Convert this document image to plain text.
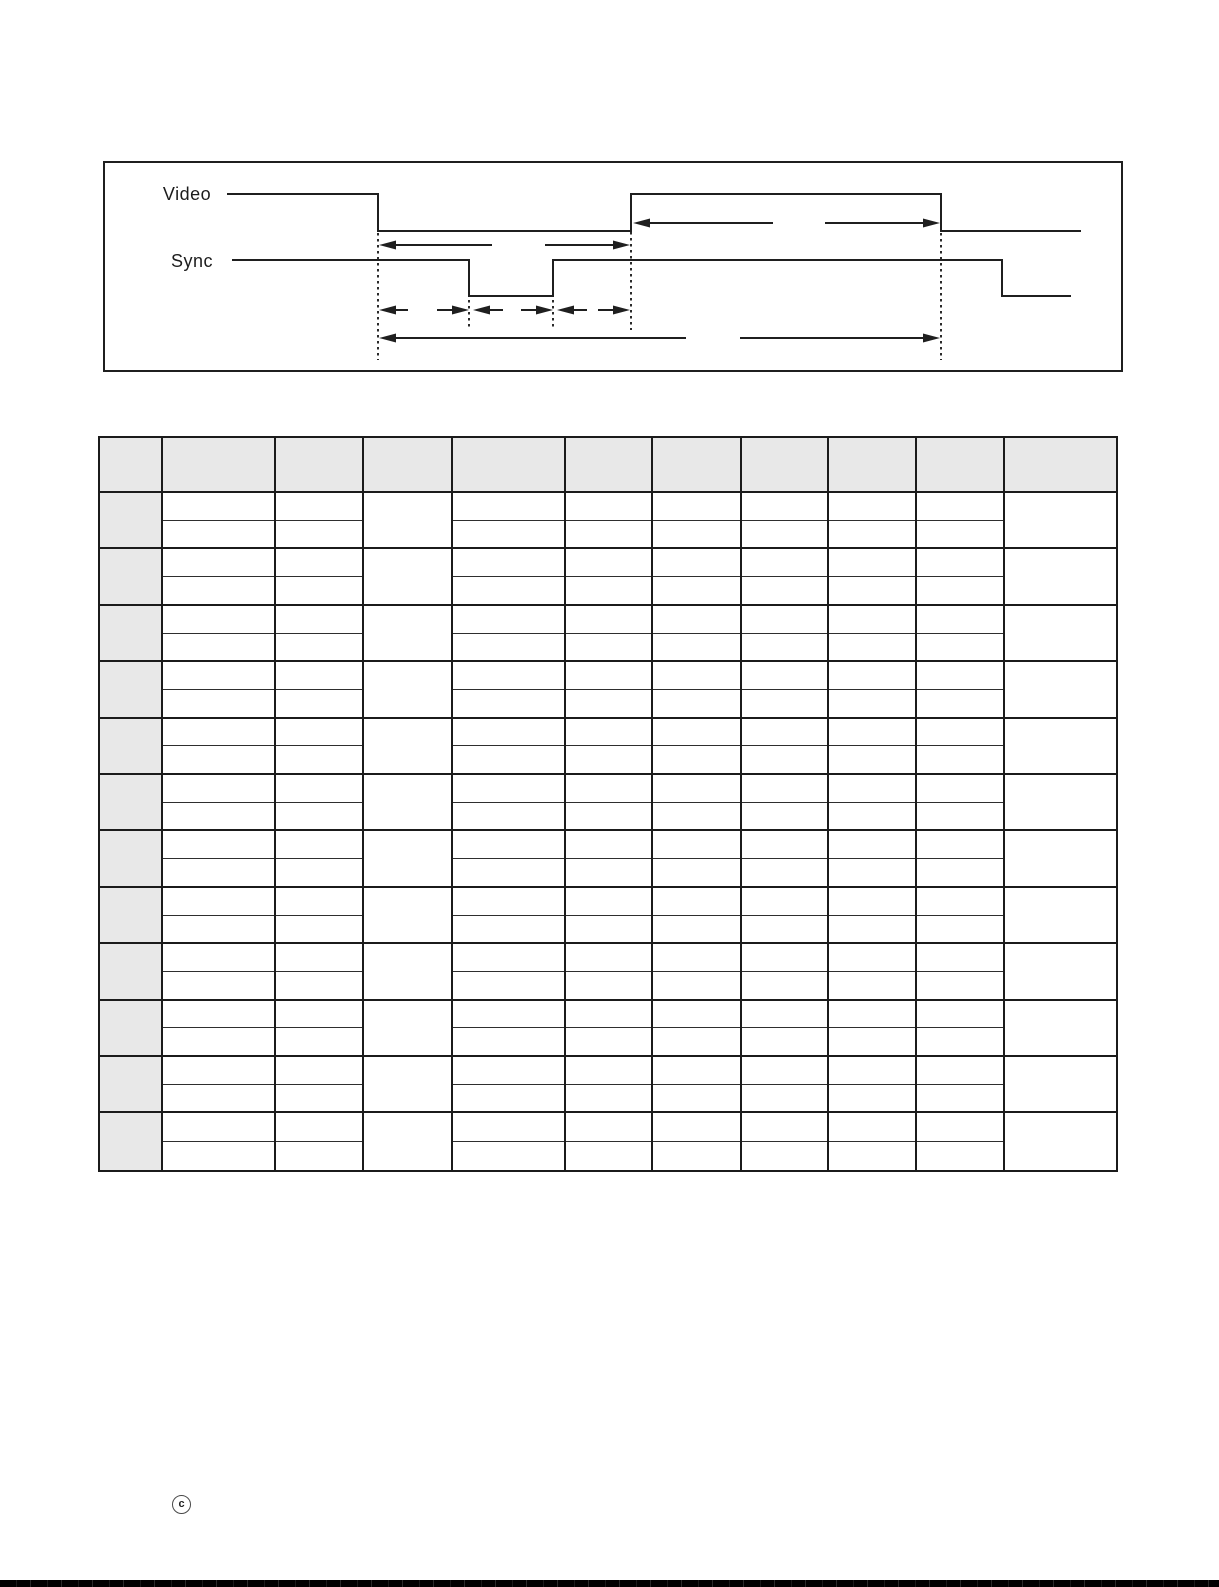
Video
Sync
c
